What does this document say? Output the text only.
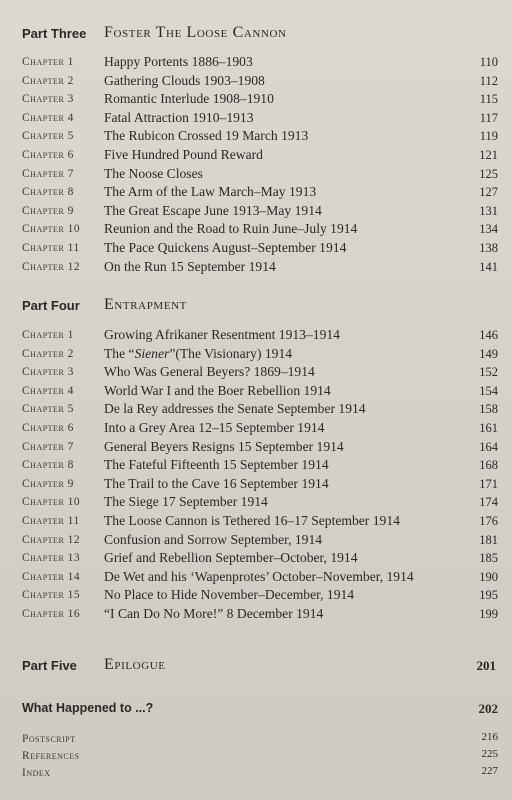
Part Three Foster The Loose Cannon
Chapter 1 Happy Portents 1886–1903	110
Chapter 2 Gathering Clouds 1903–1908	112
Chapter 3 Romantic Interlude 1908–1910	115
Chapter 4 Fatal Attraction 1910–1913	117
Chapter 5 The Rubicon Crossed 19 March 1913	119
Chapter 6 Five Hundred Pound Reward	121
Chapter 7 The Noose Closes	125
Chapter 8 The Arm of the Law March–May 1913	127
Chapter 9 The Great Escape June 1913–May 1914	131
Chapter 10 Reunion and the Road to Ruin June–July 1914	134
Chapter 11 The Pace Quickens August–September 1914	138
Chapter 12 On the Run 15 September 1914	141
Part Four Entrapment
Chapter 1 Growing Afrikaner Resentment 1913–1914	146
Chapter 2 The “Siener”(The Visionary) 1914	149
Chapter 3 Who Was General Beyers? 1869–1914	152
Chapter 4 World War I and the Boer Rebellion 1914	154
Chapter 5 De la Rey addresses the Senate September 1914	158
Chapter 6 Into a Grey Area 12–15 September 1914	161
Chapter 7 General Beyers Resigns 15 September 1914	164
Chapter 8 The Fateful Fifteenth 15 September 1914	168
Chapter 9 The Trail to the Cave 16 September 1914	171
Chapter 10 The Siege 17 September 1914	174
Chapter 11 The Loose Cannon is Tethered 16–17 September 1914	176
Chapter 12 Confusion and Sorrow September, 1914	181
Chapter 13 Grief and Rebellion September–October, 1914	185
Chapter 14 De Wet and his ‘Wapenprotes’ October–November, 1914	190
Chapter 15 No Place to Hide November–December, 1914	195
Chapter 16 “I Can Do No More!” 8 December 1914	199
Part Five Epilogue	201
What Happened to ...?	202
Postscript	216
References	225
Index	227
